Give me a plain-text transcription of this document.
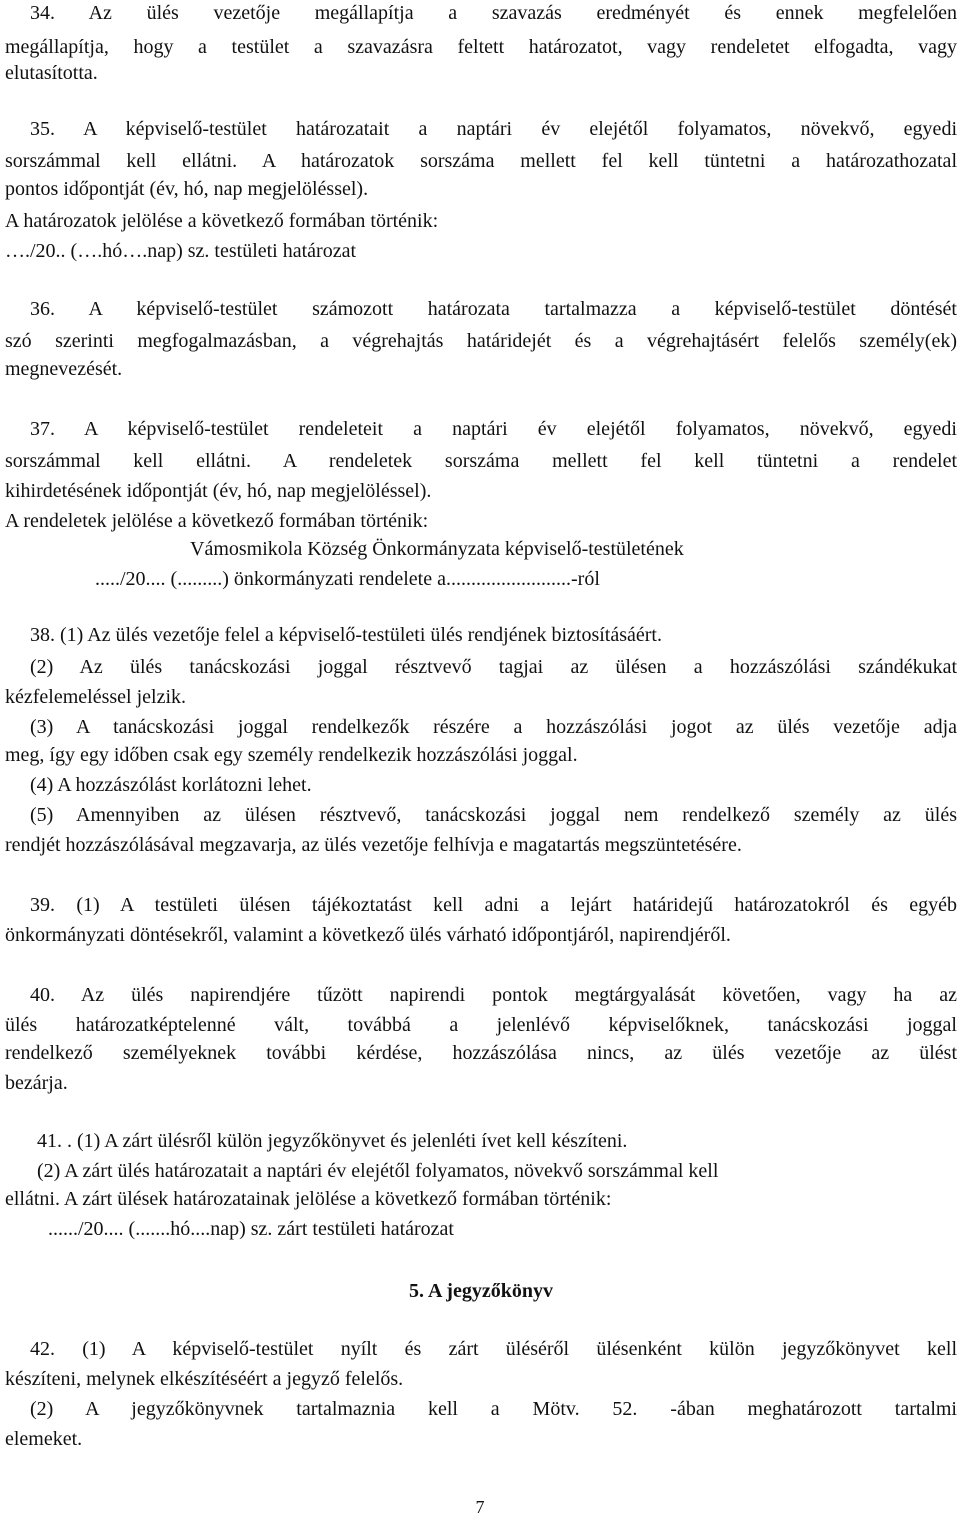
34. Az ülés vezetője megállapítja a szavazás eredményét és ennek megfelelően
megállapítja, hogy a testület a szavazásra feltett határozatot, vagy rendeletet elfogadta, vagy
elutasította.
35. A képviselő-testület határozatait a naptári év elejétől folyamatos, növekvő, egyedi
sorszámmal kell ellátni. A határozatok sorszáma mellett fel kell tüntetni a határozathozatal
pontos időpontját (év, hó, nap megjelöléssel).
A határozatok jelölése a következő formában történik:
…./20.. (….hó….nap) sz. testületi határozat
36. A képviselő-testület számozott határozata tartalmazza a képviselő-testület döntését
szó szerinti megfogalmazásban, a végrehajtás határidejét és a végrehajtásért felelős személy(ek)
megnevezését.
37. A képviselő-testület rendeleteit a naptári év elejétől folyamatos, növekvő, egyedi
sorszámmal kell ellátni. A rendeletek sorszáma mellett fel kell tüntetni a rendelet
kihirdetésének időpontját (év, hó, nap megjelöléssel).
A rendeletek jelölése a következő formában történik:
Vámosmikola Község Önkormányzata képviselő-testületének
...../20.... (.........) önkormányzati rendelete a.........................-ról
38. (1) Az ülés vezetője felel a képviselő-testületi ülés rendjének biztosításáért.
(2) Az ülés tanácskozási joggal résztvevő tagjai az ülésen a hozzászólási szándékukat
kézfelemeléssel jelzik.
(3) A tanácskozási joggal rendelkezők részére a hozzászólási jogot az ülés vezetője adja
meg, így egy időben csak egy személy rendelkezik hozzászólási joggal.
(4) A hozzászólást korlátozni lehet.
(5) Amennyiben az ülésen résztvevő, tanácskozási joggal nem rendelkező személy az ülés
rendjét hozzászólásával megzavarja, az ülés vezetője felhívja e magatartás megszüntetésére.
39. (1) A testületi ülésen tájékoztatást kell adni a lejárt határidejű határozatokról és egyéb
önkormányzati döntésekről, valamint a következő ülés várható időpontjáról, napirendjéről.
40. Az ülés napirendjére tűzött napirendi pontok megtárgyalását követően, vagy ha az
ülés határozatképtelenné vált, továbbá a jelenlévő képviselőknek, tanácskozási joggal
rendelkező személyeknek további kérdése, hozzászólása nincs, az ülés vezetője az ülést
bezárja.
41. . (1) A zárt ülésről külön jegyzőkönyvet és jelenléti ívet kell készíteni.
(2) A zárt ülés határozatait a naptári év elejétől folyamatos, növekvő sorszámmal kell
ellátni. A zárt ülések határozatainak jelölése a következő formában történik:
....../20.... (.......hó....nap) sz. zárt testületi határozat
5. A jegyzőkönyv
42. (1) A képviselő-testület nyílt és zárt üléséről ülésenként külön jegyzőkönyvet kell
készíteni, melynek elkészítéséért a jegyző felelős.
(2) A jegyzőkönyvnek tartalmaznia kell a Mötv. 52. -ában meghatározott tartalmi
elemeket.
7
